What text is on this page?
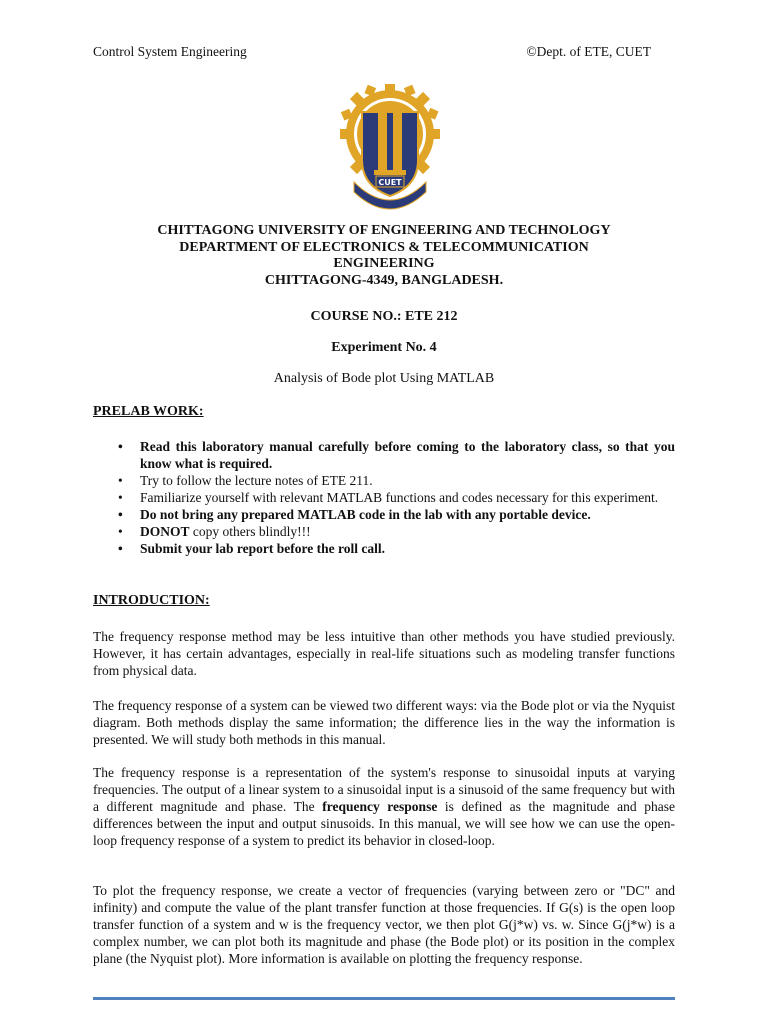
Control System Engineering	©Dept. of ETE, CUET
CUET
CHITTAGONG UNIVERSITY OF ENGINEERING AND TECHNOLOGY
DEPARTMENT OF ELECTRONICS & TELECOMMUNICATION
ENGINEERING
CHITTAGONG-4349, BANGLADESH.
COURSE NO.: ETE 212
Experiment No. 4
Analysis of Bode plot Using MATLAB
PRELAB WORK:
• Read this laboratory manual carefully before coming to the laboratory class, so that you know what is required.
• Try to follow the lecture notes of ETE 211.
• Familiarize yourself with relevant MATLAB functions and codes necessary for this experiment.
• Do not bring any prepared MATLAB code in the lab with any portable device.
• DONOT copy others blindly!!!
• Submit your lab report before the roll call.
INTRODUCTION:

The frequency response method may be less intuitive than other methods you have studied previously. However, it has certain advantages, especially in real-life situations such as modeling transfer functions from physical data.

The frequency response of a system can be viewed two different ways: via the Bode plot or via the Nyquist diagram. Both methods display the same information; the difference lies in the way the information is presented. We will study both methods in this manual.

The frequency response is a representation of the system's response to sinusoidal inputs at varying frequencies. The output of a linear system to a sinusoidal input is a sinusoid of the same frequency but with a different magnitude and phase. The frequency response is defined as the magnitude and phase differences between the input and output sinusoids. In this manual, we will see how we can use the open-loop frequency response of a system to predict its behavior in closed-loop.

To plot the frequency response, we create a vector of frequencies (varying between zero or "DC" and infinity) and compute the value of the plant transfer function at those frequencies. If G(s) is the open loop transfer function of a system and w is the frequency vector, we then plot G(j*w) vs. w. Since G(j*w) is a complex number, we can plot both its magnitude and phase (the Bode plot) or its position in the complex plane (the Nyquist plot). More information is available on plotting the frequency response.
